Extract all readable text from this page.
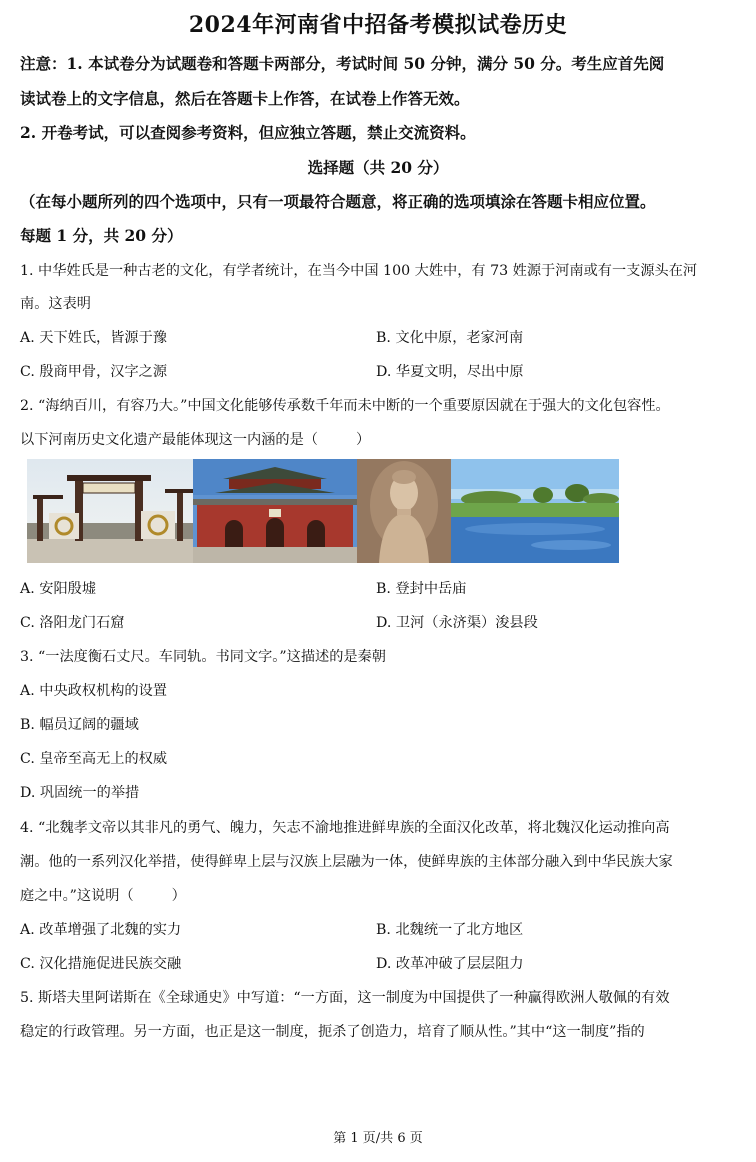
2024年河南省中招备考模拟试卷历史
注意：1. 本试卷分为试题卷和答题卡两部分，考试时间 50 分钟，满分 50 分。考生应首先阅
读试卷上的文字信息，然后在答题卡上作答，在试卷上作答无效。
2. 开卷考试，可以查阅参考资料，但应独立答题，禁止交流资料。
选择题（共 20 分）
（在每小题所列的四个选项中，只有一项最符合题意，将正确的选项填涂在答题卡相应位置。
每题 1 分，共 20 分）
1. 中华姓氏是一种古老的文化，有学者统计，在当今中国 100 大姓中，有 73 姓源于河南或有一支源头在河
南。这表明
A. 天下姓氏，皆源于豫	B. 文化中原，老家河南
C. 殷商甲骨，汉字之源	D. 华夏文明，尽出中原
2. “海纳百川，有容乃大。”中国文化能够传承数千年而未中断的一个重要原因就在于强大的文化包容性。
以下河南历史文化遗产最能体现这一内涵的是（	）
A. 安阳殷墟	B. 登封中岳庙
C. 洛阳龙门石窟	D. 卫河（永济渠）浚县段
3. “一法度衡石丈尺。车同轨。书同文字。”这描述的是秦朝
A. 中央政权机构的设置
B. 幅员辽阔的疆域
C. 皇帝至高无上的权威
D. 巩固统一的举措
4. “北魏孝文帝以其非凡的勇气、魄力，矢志不渝地推进鲜卑族的全面汉化改革，将北魏汉化运动推向高
潮。他的一系列汉化举措，使得鲜卑上层与汉族上层融为一体，使鲜卑族的主体部分融入到中华民族大家
庭之中。”这说明（	）
A. 改革增强了北魏的实力	B. 北魏统一了北方地区
C. 汉化措施促进民族交融	D. 改革冲破了层层阻力
5. 斯塔夫里阿诺斯在《全球通史》中写道：“一方面，这一制度为中国提供了一种赢得欧洲人敬佩的有效
稳定的行政管理。另一方面，也正是这一制度，扼杀了创造力，培育了顺从性。”其中“这一制度”指的
第 1 页/共 6 页
